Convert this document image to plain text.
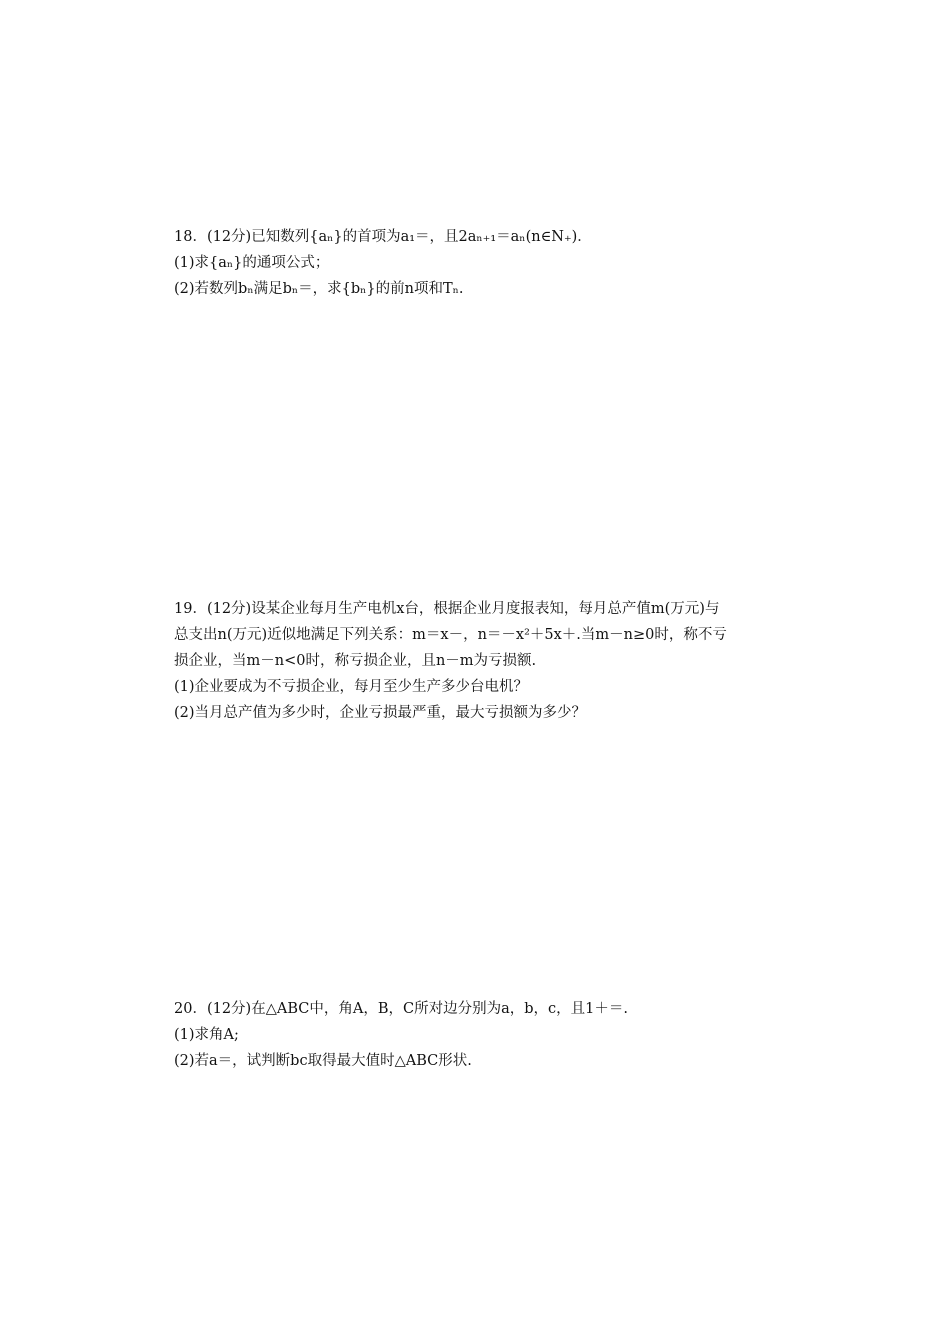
18．(12分)已知数列{aₙ}的首项为a₁＝，且2aₙ₊₁＝aₙ(n∈N₊)．
(1)求{aₙ}的通项公式；
(2)若数列bₙ满足bₙ＝，求{bₙ}的前n项和Tₙ.
19．(12分)设某企业每月生产电机x台，根据企业月度报表知，每月总产值m(万元)与
总支出n(万元)近似地满足下列关系：m＝x－，n＝－x²＋5x＋.当m－n≥0时，称不亏
损企业，当m－n<0时，称亏损企业，且n－m为亏损额.
(1)企业要成为不亏损企业，每月至少生产多少台电机？
(2)当月总产值为多少时，企业亏损最严重，最大亏损额为多少？
20．(12分)在△ABC中，角A，B，C所对边分别为a，b，c，且1＋＝.
(1)求角A;
(2)若a＝，试判断bc取得最大值时△ABC形状.
